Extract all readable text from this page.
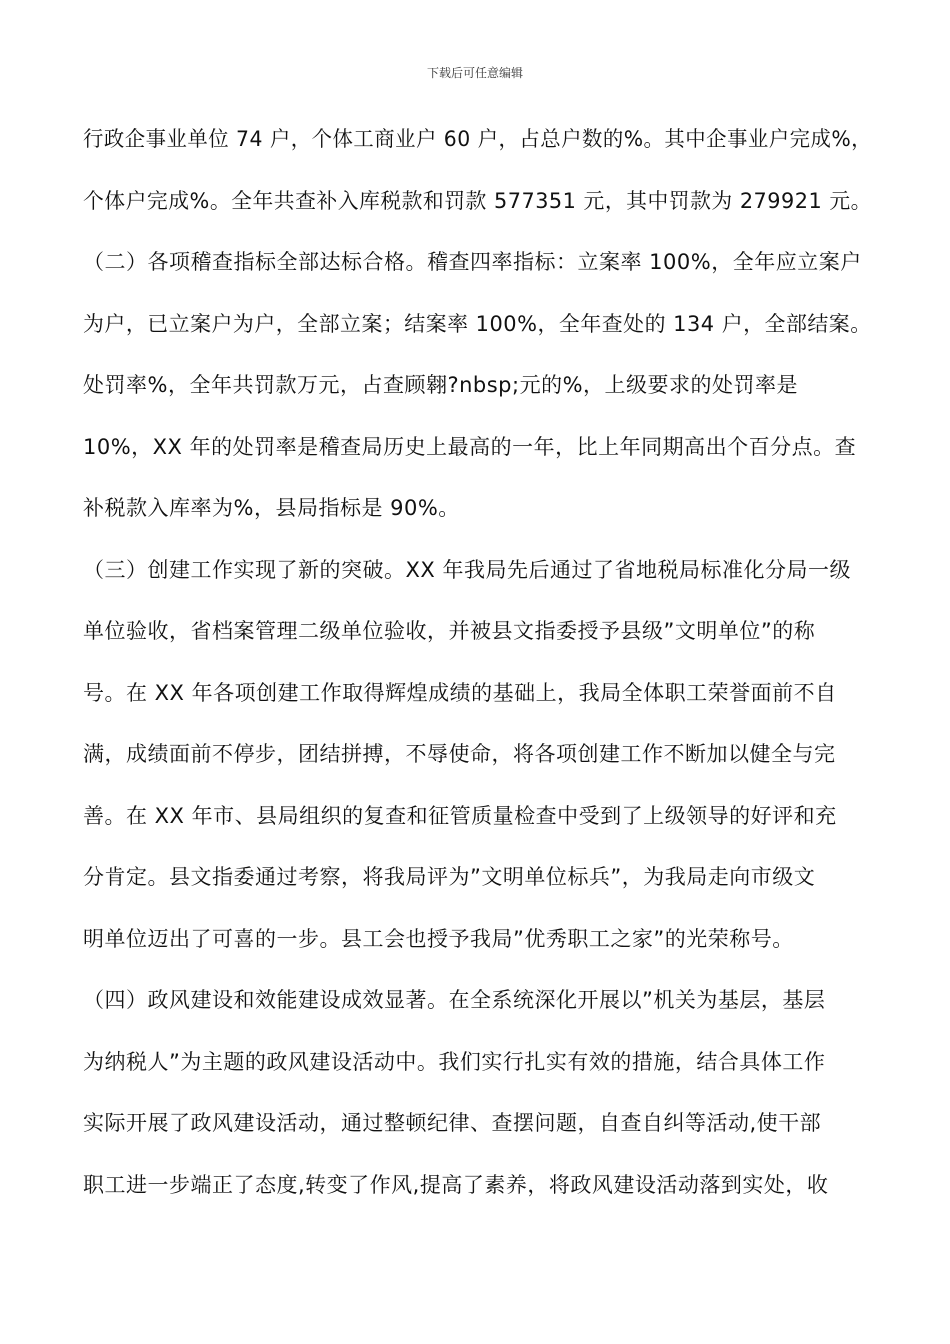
下载后可任意编辑
行政企事业单位 74 户，个体工商业户 60 户，占总户数的%。其中企事业户完成%，
个体户完成%。全年共查补入库税款和罚款 577351 元，其中罚款为 279921 元。
（二）各项稽查指标全部达标合格。稽查四率指标：立案率 100%，全年应立案户
为户，已立案户为户，全部立案；结案率 100%，全年查处的 134 户，全部结案。
处罚率%，全年共罚款万元，占查顾翱?nbsp;元的%，上级要求的处罚率是
10%，XX 年的处罚率是稽查局历史上最高的一年，比上年同期高出个百分点。查
补税款入库率为%，县局指标是 90%。
（三）创建工作实现了新的突破。XX 年我局先后通过了省地税局标准化分局一级
单位验收，省档案管理二级单位验收，并被县文指委授予县级”文明单位”的称
号。在 XX 年各项创建工作取得辉煌成绩的基础上，我局全体职工荣誉面前不自
满，成绩面前不停步，团结拼搏，不辱使命，将各项创建工作不断加以健全与完
善。在 XX 年市、县局组织的复查和征管质量检查中受到了上级领导的好评和充
分肯定。县文指委通过考察，将我局评为”文明单位标兵”，为我局走向市级文
明单位迈出了可喜的一步。县工会也授予我局”优秀职工之家”的光荣称号。
（四）政风建设和效能建设成效显著。在全系统深化开展以”机关为基层，基层
为纳税人”为主题的政风建设活动中。我们实行扎实有效的措施，结合具体工作
实际开展了政风建设活动，通过整顿纪律、查摆问题，自查自纠等活动,使干部
职工进一步端正了态度,转变了作风,提高了素养，将政风建设活动落到实处，收
